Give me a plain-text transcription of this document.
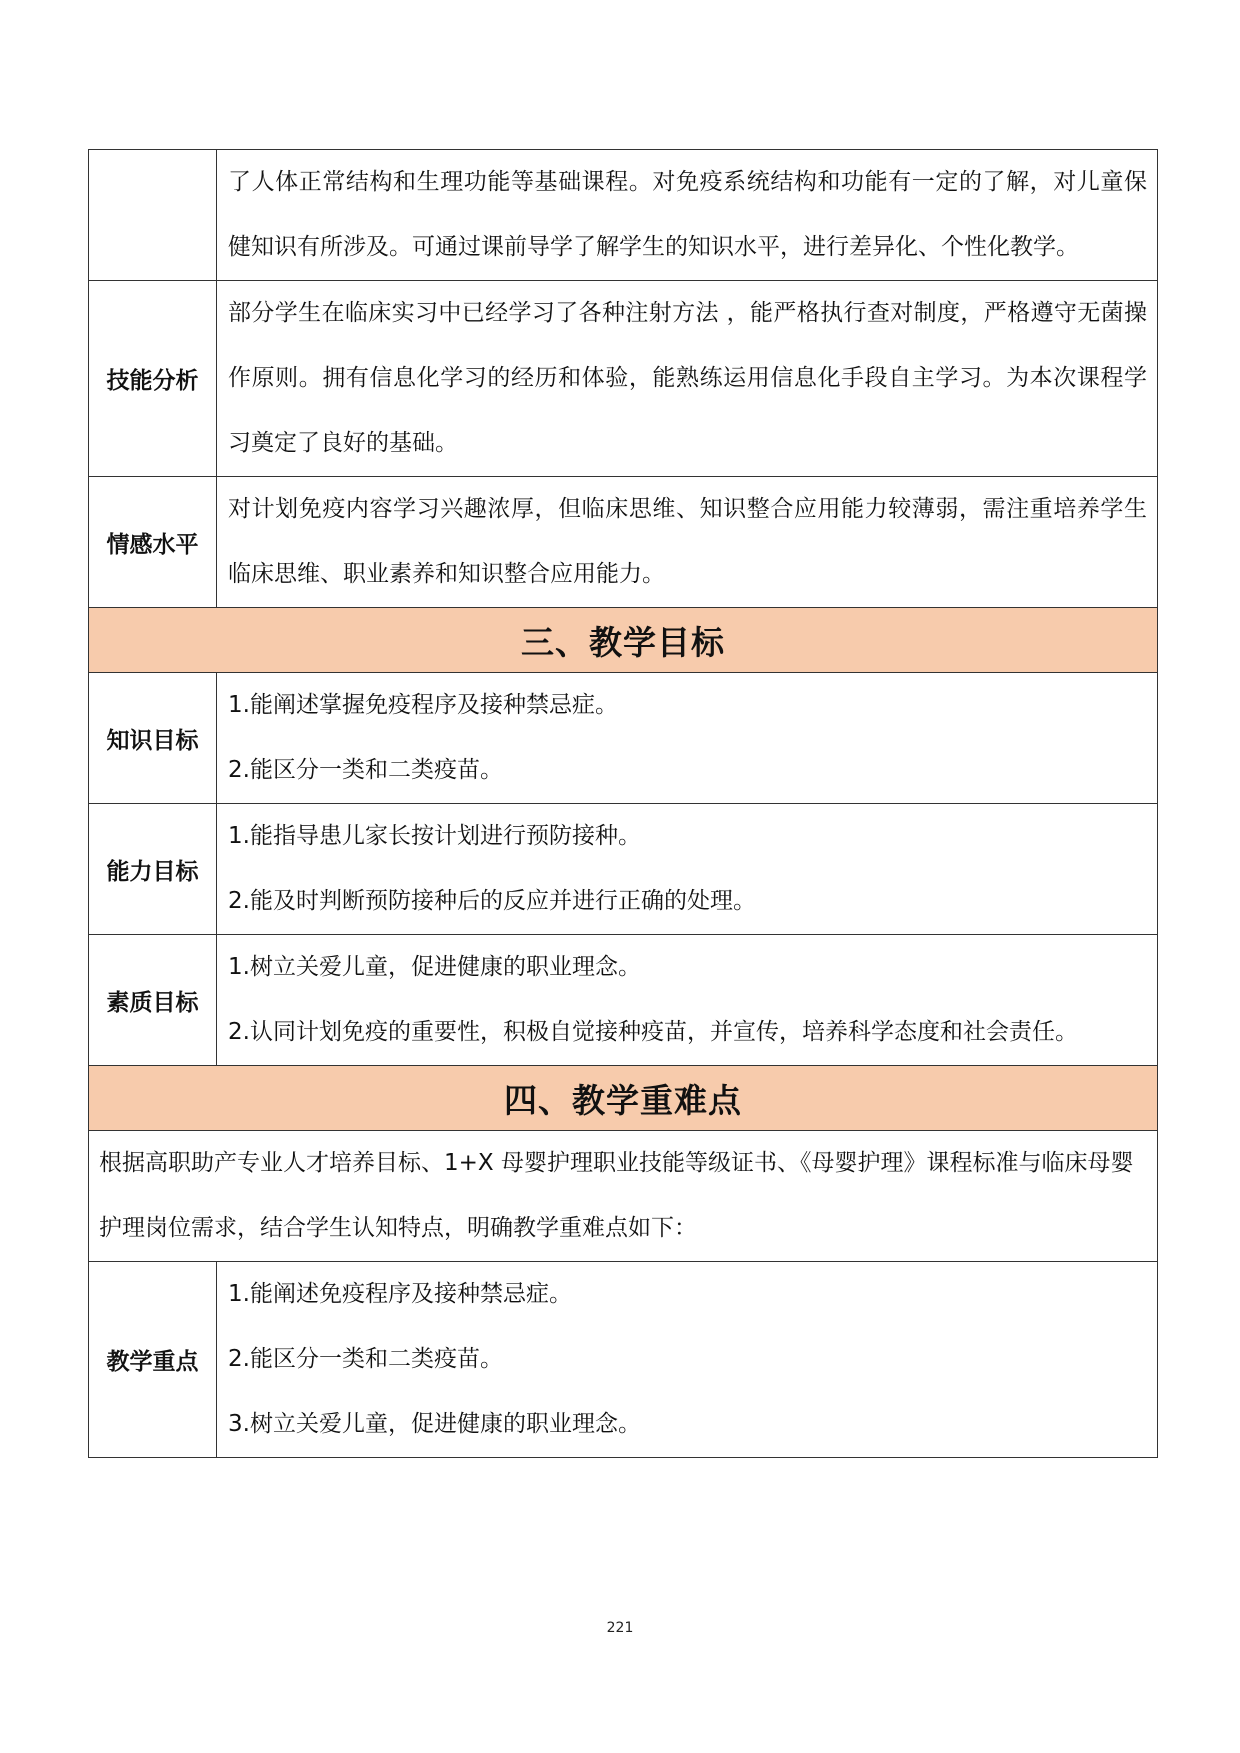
	了人体正常结构和生理功能等基础课程。对免疫系统结构和功能有一定的了解，对儿童保健知识有所涉及。可通过课前导学了解学生的知识水平，进行差异化、个性化教学。

技能分析	部分学生在临床实习中已经学习了各种注射方法 ，能严格执行查对制度，严格遵守无菌操作原则。拥有信息化学习的经历和体验，能熟练运用信息化手段自主学习。为本次课程学习奠定了良好的基础。

情感水平	对计划免疫内容学习兴趣浓厚，但临床思维、知识整合应用能力较薄弱，需注重培养学生临床思维、职业素养和知识整合应用能力。

三、教学目标	
知识目标	1.能阐述掌握免疫程序及接种禁忌症。

2.能区分一类和二类疫苗。

能力目标	1.能指导患儿家长按计划进行预防接种。

2.能及时判断预防接种后的反应并进行正确的处理。

素质目标	1.树立关爱儿童，促进健康的职业理念。

2.认同计划免疫的重要性，积极自觉接种疫苗，并宣传，培养科学态度和社会责任。

四、教学重难点	
根据高职助产专业人才培养目标、1+X 母婴护理职业技能等级证书、《母婴护理》课程标准与临床母婴护理岗位需求，结合学生认知特点，明确教学重难点如下：	
教学重点	1.能阐述免疫程序及接种禁忌症。

2.能区分一类和二类疫苗。

3.树立关爱儿童，促进健康的职业理念。

221
